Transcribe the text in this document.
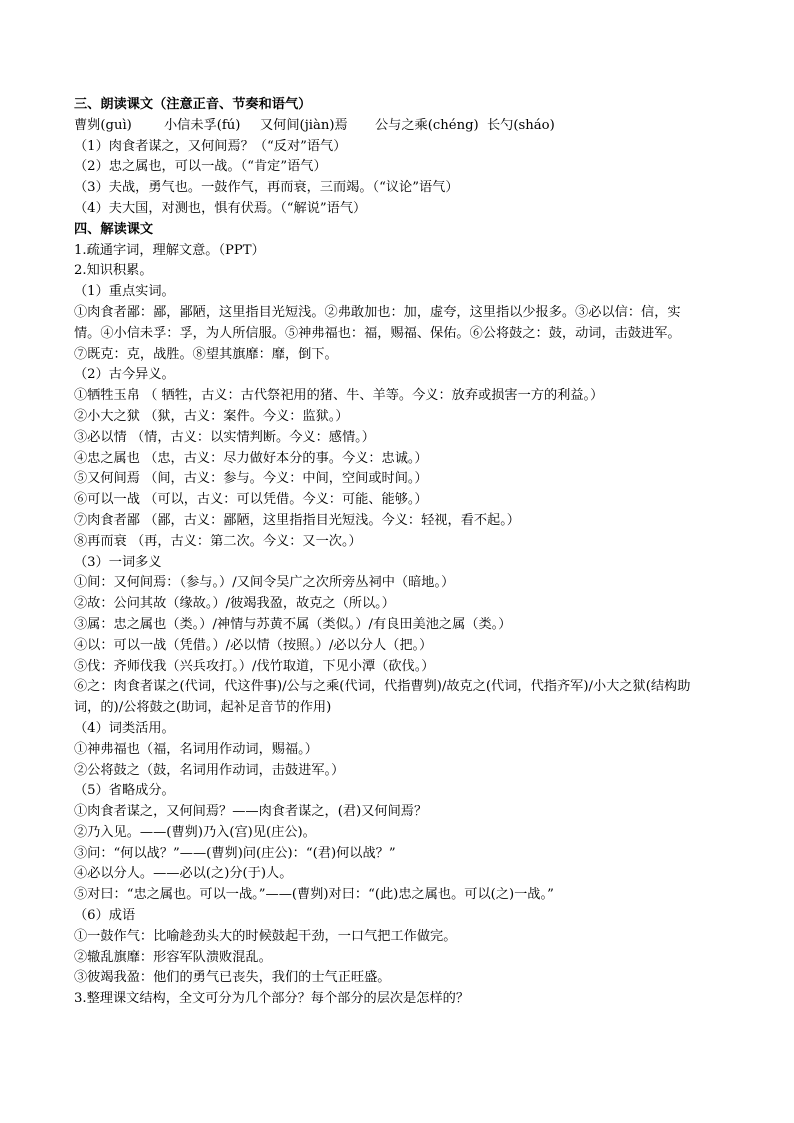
三、朗读课文（注意正音、节奏和语气）
曹刿(guì)	小信未孚(fú)	又何间(jiàn)焉	公与之乘(chéng) 长勺(sháo)
（1）肉食者谋之，又何间焉？（“反对”语气）
（2）忠之属也，可以一战。（“肯定”语气）
（3）夫战，勇气也。一鼓作气，再而衰，三而竭。（“议论”语气）
（4）夫大国，对测也，惧有伏焉。（“解说”语气）
四、解读课文
1.疏通字词，理解文意。（PPT）
2.知识积累。
（1）重点实词。
①肉食者鄙：鄙，鄙陋，这里指目光短浅。②弗敢加也：加，虚夸，这里指以少报多。③必以信：信，实
情。④小信未孚：孚，为人所信服。⑤神弗福也：福，赐福、保佑。⑥公将鼓之：鼓，动词，击鼓进军。
⑦既克：克，战胜。⑧望其旗靡：靡，倒下。
（2）古今异义。
①牺牲玉帛 （ 牺牲，古义：古代祭祀用的猪、牛、羊等。今义：放弃或损害一方的利益。）
②小大之狱 （狱，古义：案件。今义：监狱。）
③必以情 （情，古义：以实情判断。今义：感情。）
④忠之属也 （忠，古义：尽力做好本分的事。今义：忠诚。）
⑤又何间焉 （间，古义：参与。今义：中间，空间或时间。）
⑥可以一战 （可以，古义：可以凭借。今义：可能、能够。）
⑦肉食者鄙 （鄙，古义：鄙陋，这里指指目光短浅。今义：轻视，看不起。）
⑧再而衰 （再，古义：第二次。今义：又一次。）
（3）一词多义
①间：又何间焉：（参与。）/又间令吴广之次所旁丛祠中（暗地。）
②故：公问其故（缘故。）/彼竭我盈，故克之（所以。）
③属：忠之属也（类。）/神情与苏黄不属（类似。）/有良田美池之属（类。）
④以：可以一战（凭借。）/必以情（按照。）/必以分人（把。）
⑤伐：齐师伐我（兴兵攻打。）/伐竹取道，下见小潭（砍伐。）
⑥之：肉食者谋之(代词，代这件事)/公与之乘(代词，代指曹刿)/故克之(代词，代指齐军)/小大之狱(结构助
词，的)/公将鼓之(助词，起补足音节的作用)
（4）词类活用。
①神弗福也（福，名词用作动词，赐福。）
②公将鼓之（鼓，名词用作动词，击鼓进军。）
（5）省略成分。
①肉食者谋之，又何间焉？——肉食者谋之，(君)又何间焉？
②乃入见。——(曹刿)乃入(宫)见(庄公)。
③问：“何以战？”——(曹刿)问(庄公)：“(君)何以战？”
④必以分人。——必以(之)分(于)人。
⑤对曰：“忠之属也。可以一战。”——(曹刿)对曰：“(此)忠之属也。可以(之)一战。”
（6）成语
①一鼓作气：比喻趁劲头大的时候鼓起干劲，一口气把工作做完。
②辙乱旗靡：形容军队溃败混乱。
③彼竭我盈：他们的勇气已丧失，我们的士气正旺盛。
3.整理课文结构，全文可分为几个部分？每个部分的层次是怎样的？
